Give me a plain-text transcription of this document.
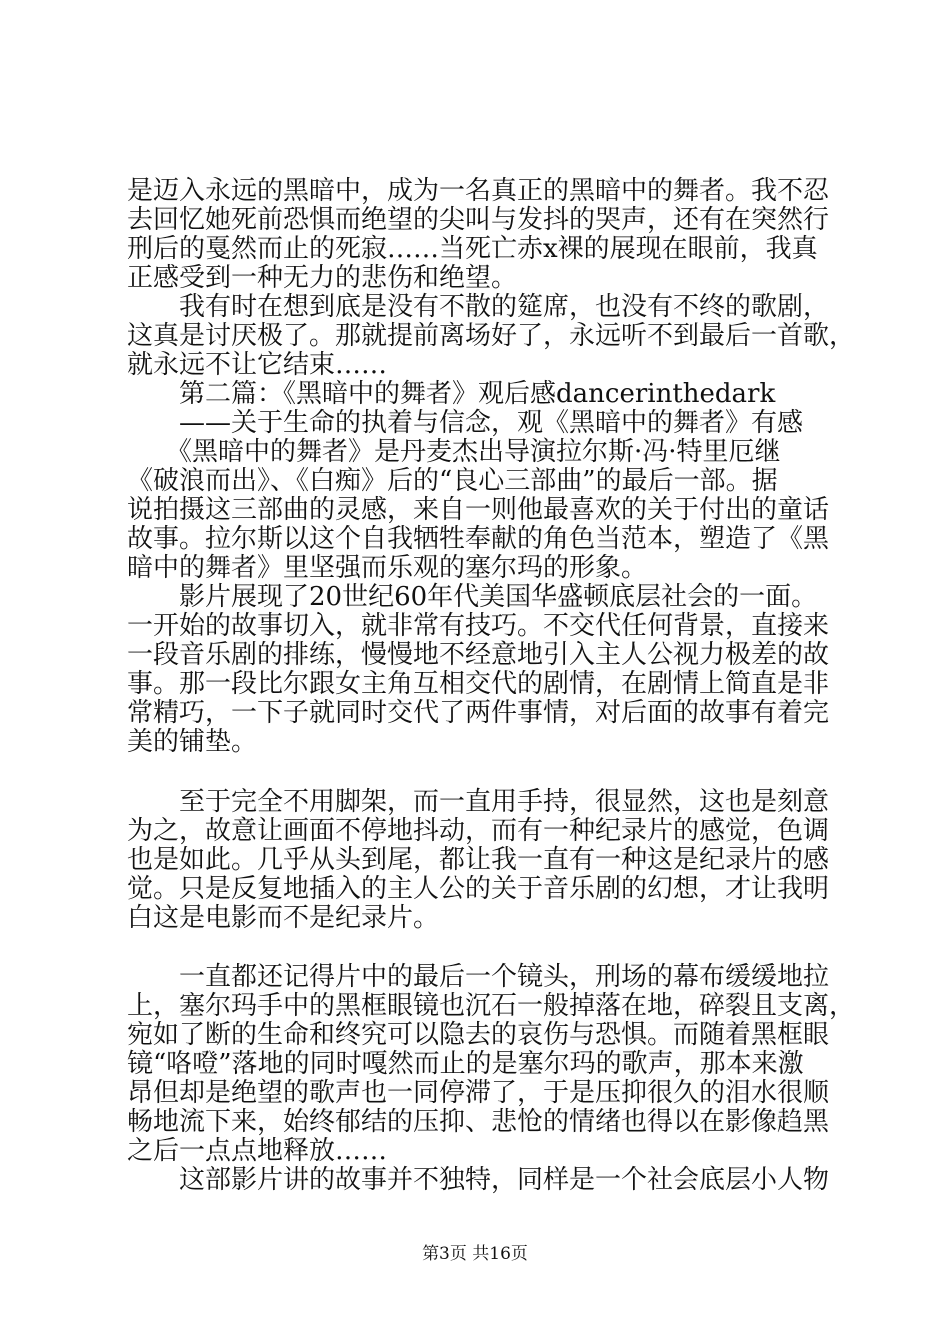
是迈入永远的黑暗中，成为一名真正的黑暗中的舞者。我不忍
去回忆她死前恐惧而绝望的尖叫与发抖的哭声，还有在突然行
刑后的戛然而止的死寂……当死亡赤x裸的展现在眼前，我真
正感受到一种无力的悲伤和绝望。
　　我有时在想到底是没有不散的筵席，也没有不终的歌剧，
这真是讨厌极了。那就提前离场好了，永远听不到最后一首歌，
就永远不让它结束……
　　第二篇：《黑暗中的舞者》观后感dancerinthedark
　　——关于生命的执着与信念，观《黑暗中的舞者》有感
　　《黑暗中的舞者》是丹麦杰出导演拉尔斯·冯·特里厄继
《破浪而出》、《白痴》后的“良心三部曲”的最后一部。据
说拍摄这三部曲的灵感，来自一则他最喜欢的关于付出的童话
故事。拉尔斯以这个自我牺牲奉献的角色当范本，塑造了《黑
暗中的舞者》里坚强而乐观的塞尔玛的形象。
　　影片展现了20世纪60年代美国华盛顿底层社会的一面。
一开始的故事切入，就非常有技巧。不交代任何背景，直接来
一段音乐剧的排练，慢慢地不经意地引入主人公视力极差的故
事。那一段比尔跟女主角互相交代的剧情，在剧情上简直是非
常精巧，一下子就同时交代了两件事情，对后面的故事有着完
美的铺垫。
　　至于完全不用脚架，而一直用手持，很显然，这也是刻意
为之，故意让画面不停地抖动，而有一种纪录片的感觉，色调
也是如此。几乎从头到尾，都让我一直有一种这是纪录片的感
觉。只是反复地插入的主人公的关于音乐剧的幻想，才让我明
白这是电影而不是纪录片。
　　一直都还记得片中的最后一个镜头，刑场的幕布缓缓地拉
上，塞尔玛手中的黑框眼镜也沉石一般掉落在地，碎裂且支离，
宛如了断的生命和终究可以隐去的哀伤与恐惧。而随着黑框眼
镜“咯噔”落地的同时嘎然而止的是塞尔玛的歌声，那本来激
昂但却是绝望的歌声也一同停滞了，于是压抑很久的泪水很顺
畅地流下来，始终郁结的压抑、悲怆的情绪也得以在影像趋黑
之后一点点地释放……
　　这部影片讲的故事并不独特，同样是一个社会底层小人物
第3页 共16页
